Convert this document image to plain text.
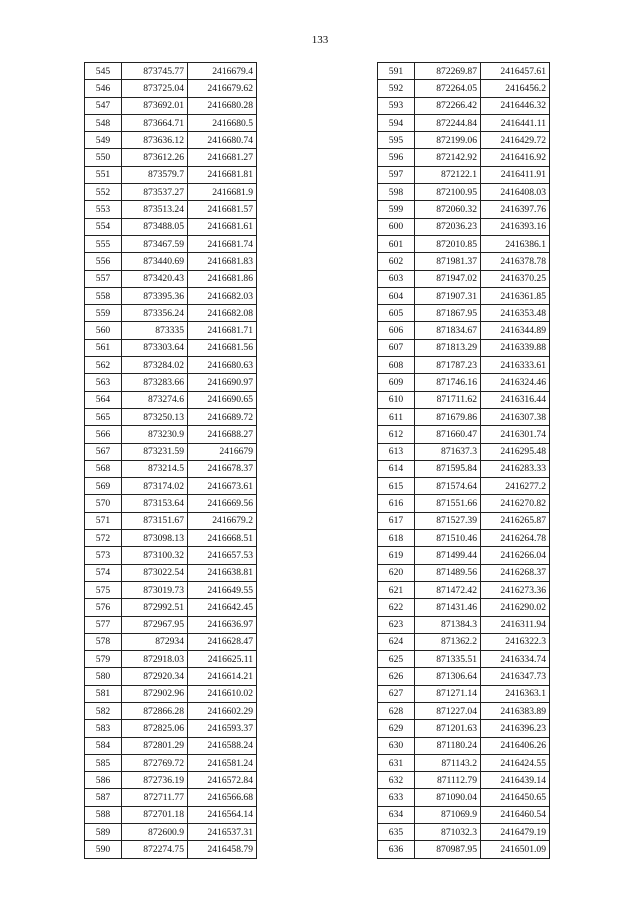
133
545	873745.77	2416679.4
546	873725.04	2416679.62
547	873692.01	2416680.28
548	873664.71	2416680.5
549	873636.12	2416680.74
550	873612.26	2416681.27
551	873579.7	2416681.81
552	873537.27	2416681.9
553	873513.24	2416681.57
554	873488.05	2416681.61
555	873467.59	2416681.74
556	873440.69	2416681.83
557	873420.43	2416681.86
558	873395.36	2416682.03
559	873356.24	2416682.08
560	873335	2416681.71
561	873303.64	2416681.56
562	873284.02	2416680.63
563	873283.66	2416690.97
564	873274.6	2416690.65
565	873250.13	2416689.72
566	873230.9	2416688.27
567	873231.59	2416679
568	873214.5	2416678.37
569	873174.02	2416673.61
570	873153.64	2416669.56
571	873151.67	2416679.2
572	873098.13	2416668.51
573	873100.32	2416657.53
574	873022.54	2416638.81
575	873019.73	2416649.55
576	872992.51	2416642.45
577	872967.95	2416636.97
578	872934	2416628.47
579	872918.03	2416625.11
580	872920.34	2416614.21
581	872902.96	2416610.02
582	872866.28	2416602.29
583	872825.06	2416593.37
584	872801.29	2416588.24
585	872769.72	2416581.24
586	872736.19	2416572.84
587	872711.77	2416566.68
588	872701.18	2416564.14
589	872600.9	2416537.31
590	872274.75	2416458.79
591	872269.87	2416457.61
592	872264.05	2416456.2
593	872266.42	2416446.32
594	872244.84	2416441.11
595	872199.06	2416429.72
596	872142.92	2416416.92
597	872122.1	2416411.91
598	872100.95	2416408.03
599	872060.32	2416397.76
600	872036.23	2416393.16
601	872010.85	2416386.1
602	871981.37	2416378.78
603	871947.02	2416370.25
604	871907.31	2416361.85
605	871867.95	2416353.48
606	871834.67	2416344.89
607	871813.29	2416339.88
608	871787.23	2416333.61
609	871746.16	2416324.46
610	871711.62	2416316.44
611	871679.86	2416307.38
612	871660.47	2416301.74
613	871637.3	2416295.48
614	871595.84	2416283.33
615	871574.64	2416277.2
616	871551.66	2416270.82
617	871527.39	2416265.87
618	871510.46	2416264.78
619	871499.44	2416266.04
620	871489.56	2416268.37
621	871472.42	2416273.36
622	871431.46	2416290.02
623	871384.3	2416311.94
624	871362.2	2416322.3
625	871335.51	2416334.74
626	871306.64	2416347.73
627	871271.14	2416363.1
628	871227.04	2416383.89
629	871201.63	2416396.23
630	871180.24	2416406.26
631	871143.2	2416424.55
632	871112.79	2416439.14
633	871090.04	2416450.65
634	871069.9	2416460.54
635	871032.3	2416479.19
636	870987.95	2416501.09
